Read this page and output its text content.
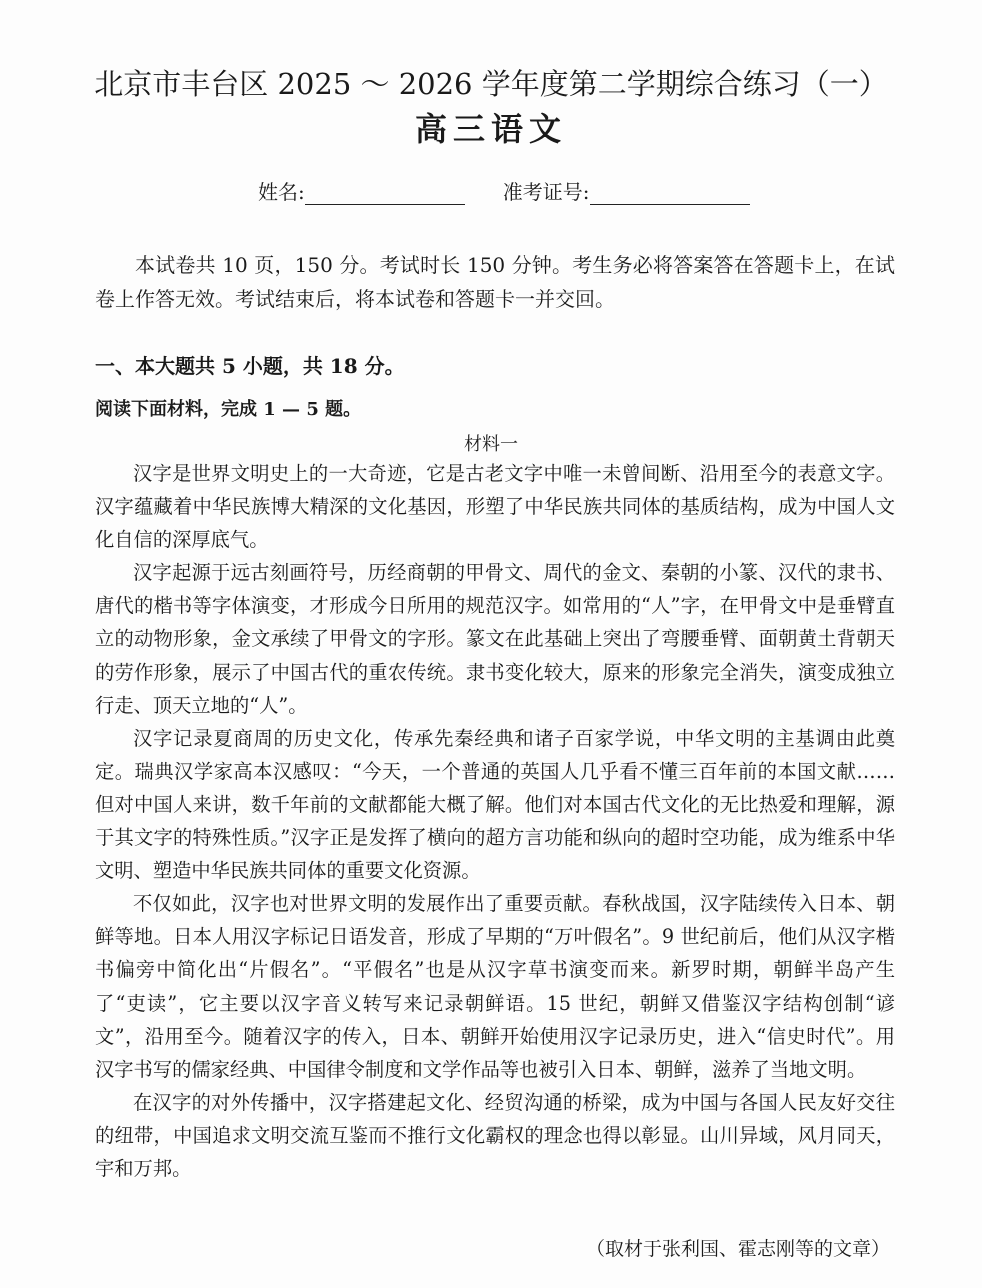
北京市丰台区 2025 ～ 2026 学年度第二学期综合练习（一）
高三语文
姓名:	准考证号:
本试卷共 10 页，150 分。考试时长 150 分钟。考生务必将答案答在答题卡上，在试卷上作答无效。考试结束后，将本试卷和答题卡一并交回。
一、本大题共 5 小题，共 18 分。
阅读下面材料，完成 1 — 5 题。
材料一

汉字是世界文明史上的一大奇迹，它是古老文字中唯一未曾间断、沿用至今的表意文字。汉字蕴藏着中华民族博大精深的文化基因，形塑了中华民族共同体的基质结构，成为中国人文化自信的深厚底气。

汉字起源于远古刻画符号，历经商朝的甲骨文、周代的金文、秦朝的小篆、汉代的隶书、唐代的楷书等字体演变，才形成今日所用的规范汉字。如常用的“人”字，在甲骨文中是垂臂直立的动物形象，金文承续了甲骨文的字形。篆文在此基础上突出了弯腰垂臂、面朝黄土背朝天的劳作形象，展示了中国古代的重农传统。隶书变化较大，原来的形象完全消失，演变成独立行走、顶天立地的“人”。

汉字记录夏商周的历史文化，传承先秦经典和诸子百家学说，中华文明的主基调由此奠定。瑞典汉学家高本汉感叹：“今天，一个普通的英国人几乎看不懂三百年前的本国文献……但对中国人来讲，数千年前的文献都能大概了解。他们对本国古代文化的无比热爱和理解，源于其文字的特殊性质。”汉字正是发挥了横向的超方言功能和纵向的超时空功能，成为维系中华文明、塑造中华民族共同体的重要文化资源。

不仅如此，汉字也对世界文明的发展作出了重要贡献。春秋战国，汉字陆续传入日本、朝鲜等地。日本人用汉字标记日语发音，形成了早期的“万叶假名”。9 世纪前后，他们从汉字楷书偏旁中简化出“片假名”。“平假名”也是从汉字草书演变而来。新罗时期，朝鲜半岛产生了“吏读”，它主要以汉字音义转写来记录朝鲜语。15 世纪，朝鲜又借鉴汉字结构创制“谚文”，沿用至今。随着汉字的传入，日本、朝鲜开始使用汉字记录历史，进入“信史时代”。用汉字书写的儒家经典、中国律令制度和文学作品等也被引入日本、朝鲜，滋养了当地文明。

在汉字的对外传播中，汉字搭建起文化、经贸沟通的桥梁，成为中国与各国人民友好交往的纽带，中国追求文明交流互鉴而不推行文化霸权的理念也得以彰显。山川异域，风月同天，宇和万邦。

（取材于张利国、霍志刚等的文章）
